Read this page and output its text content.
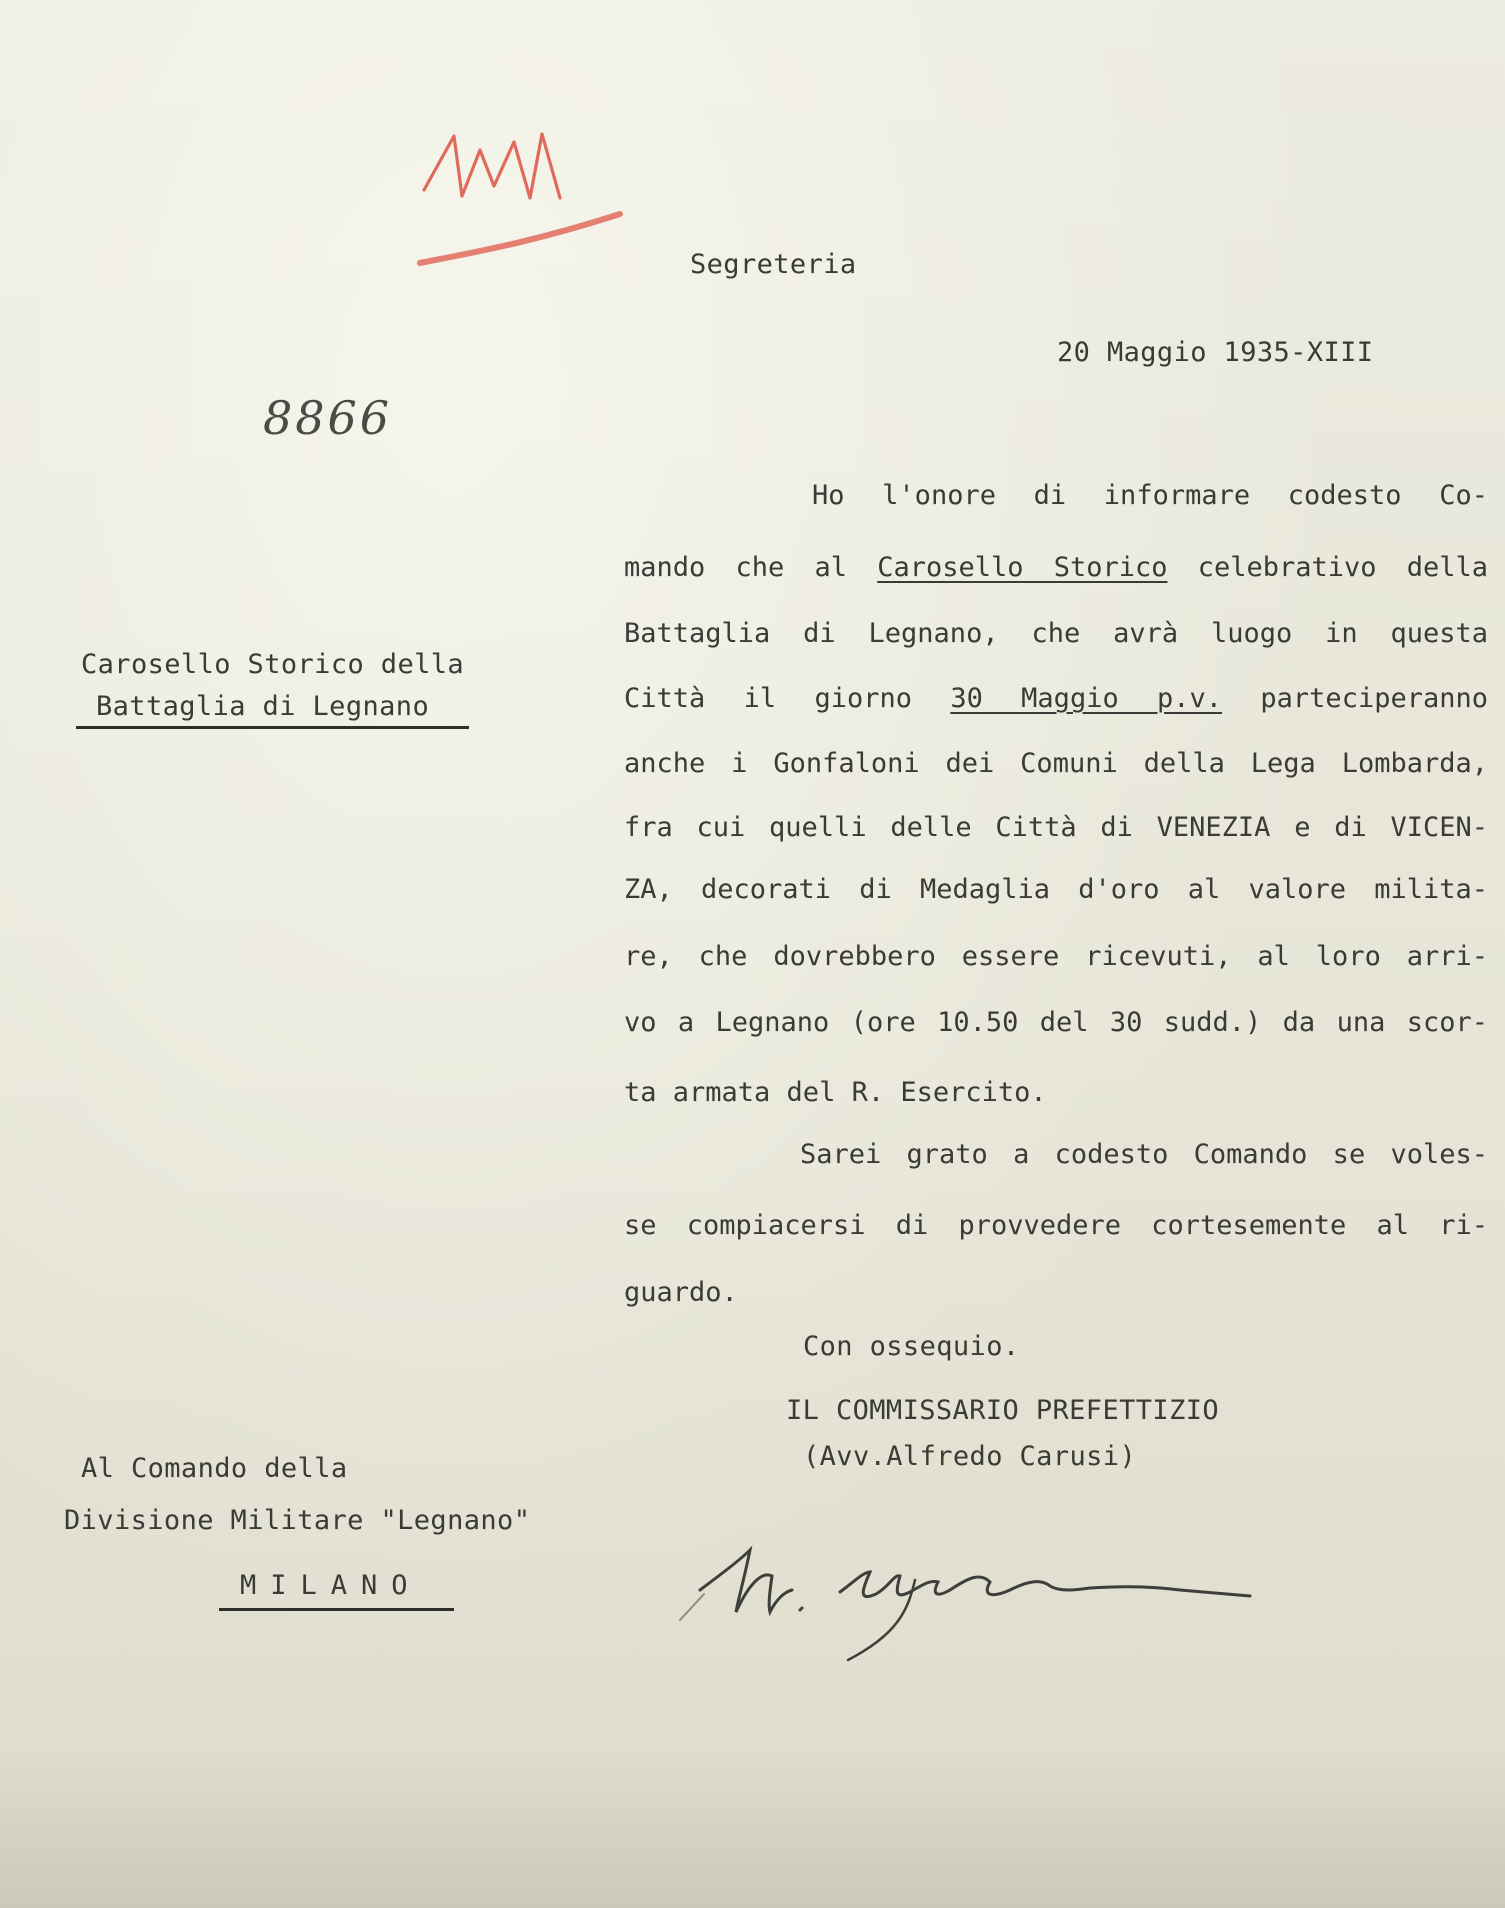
Segreteria
20 Maggio 1935-XIII
8866
Carosello Storico della
Battaglia di Legnano
Ho l'onore di informare codesto Co-
mando che al Carosello Storico celebrativo della
Battaglia di Legnano, che avrà luogo in questa
Città il giorno 30 Maggio p.v. parteciperanno
anche i Gonfaloni dei Comuni della Lega Lombarda,
fra cui quelli delle Città di VENEZIA e di VICEN-
ZA, decorati di Medaglia d'oro al valore milita-
re, che dovrebbero essere ricevuti, al loro arri-
vo a Legnano (ore 10.50 del 30 sudd.) da una scor-
ta armata del R. Esercito.
Sarei grato a codesto Comando se voles-
se compiacersi di provvedere cortesemente al ri-
guardo.
Con ossequio.
IL COMMISSARIO PREFETTIZIO
(Avv.Alfredo Carusi)
Al Comando della
Divisione Militare "Legnano"
MILANO
